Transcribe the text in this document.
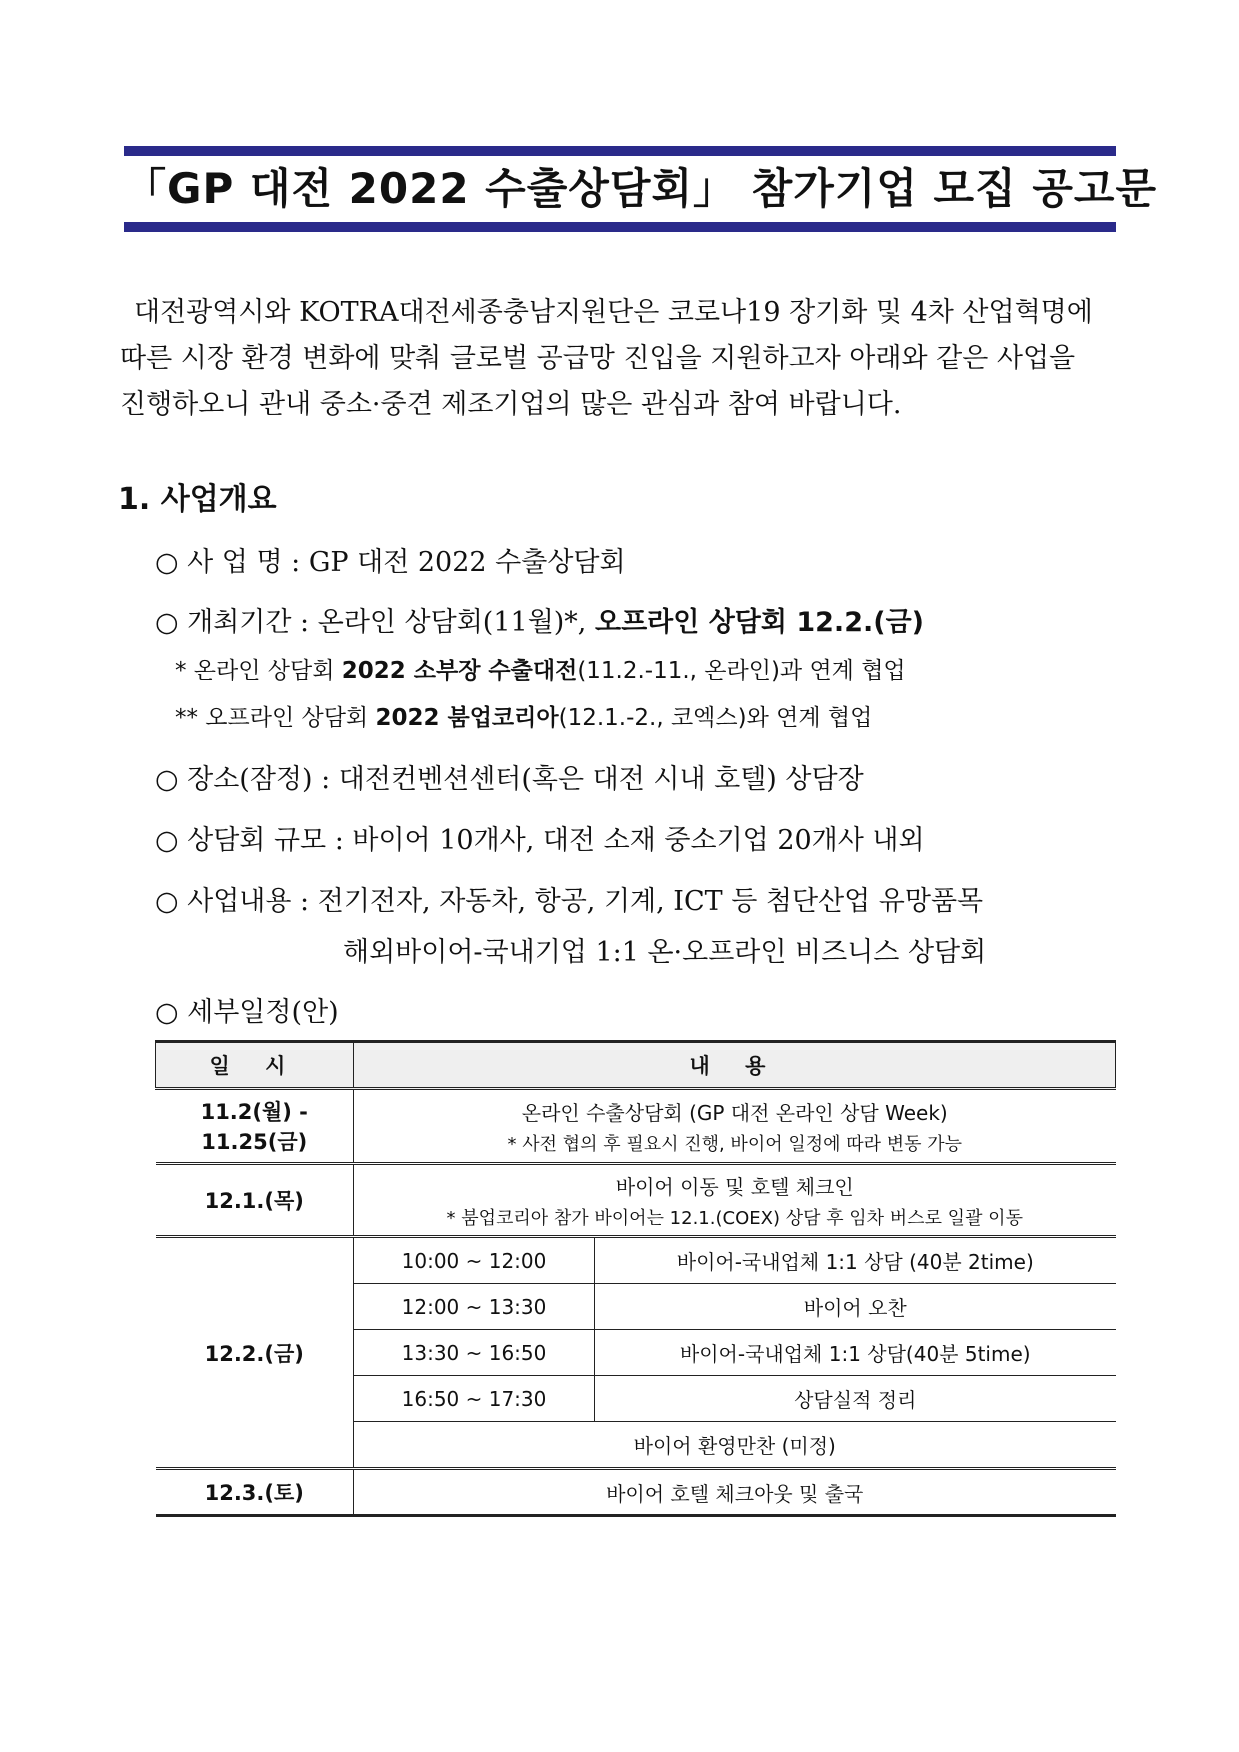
「GP 대전 2022 수출상담회」 참가기업 모집 공고문

대전광역시와 KOTRA대전세종충남지원단은 코로나19 장기화 및 4차 산업혁명에

따른 시장 환경 변화에 맞춰 글로벌 공급망 진입을 지원하고자 아래와 같은 사업을

진행하오니 관내 중소·중견 제조기업의 많은 관심과 참여 바랍니다.

1. 사업개요
○ 사 업 명 : GP 대전 2022 수출상담회
○ 개최기간 : 온라인 상담회(11월)*, 오프라인 상담회 12.2.(금)
* 온라인 상담회 2022 소부장 수출대전(11.2.-11., 온라인)과 연계 협업
** 오프라인 상담회 2022 붐업코리아(12.1.-2., 코엑스)와 연계 협업
○ 장소(잠정) : 대전컨벤션센터(혹은 대전 시내 호텔) 상담장
○ 상담회 규모 : 바이어 10개사, 대전 소재 중소기업 20개사 내외
○ 사업내용 : 전기전자, 자동차, 항공, 기계, ICT 등 첨단산업 유망품목
해외바이어-국내기업 1:1 온·오프라인 비즈니스 상담회
○ 세부일정(안)
일 시	내 용	
11.2(월) - 11.25(금)	온라인 수출상담회 (GP 대전 온라인 상담 Week)
* 사전 협의 후 필요시 진행, 바이어 일정에 따라 변동 가능	

12.1.(목)	바이어 이동 및 호텔 체크인
* 붐업코리아 참가 바이어는 12.1.(COEX) 상담 후 임차 버스로 일괄 이동	

12.2.(금)	10:00 ~ 12:00	바이어-국내업체 1:1 상담 (40분 2time)
	12:00 ~ 13:30	바이어 오찬
	13:30 ~ 16:50	바이어-국내업체 1:1 상담(40분 5time)
	16:50 ~ 17:30	상담실적 정리
	바이어 환영만찬 (미정)	
12.3.(토)	바이어 호텔 체크아웃 및 출국	
